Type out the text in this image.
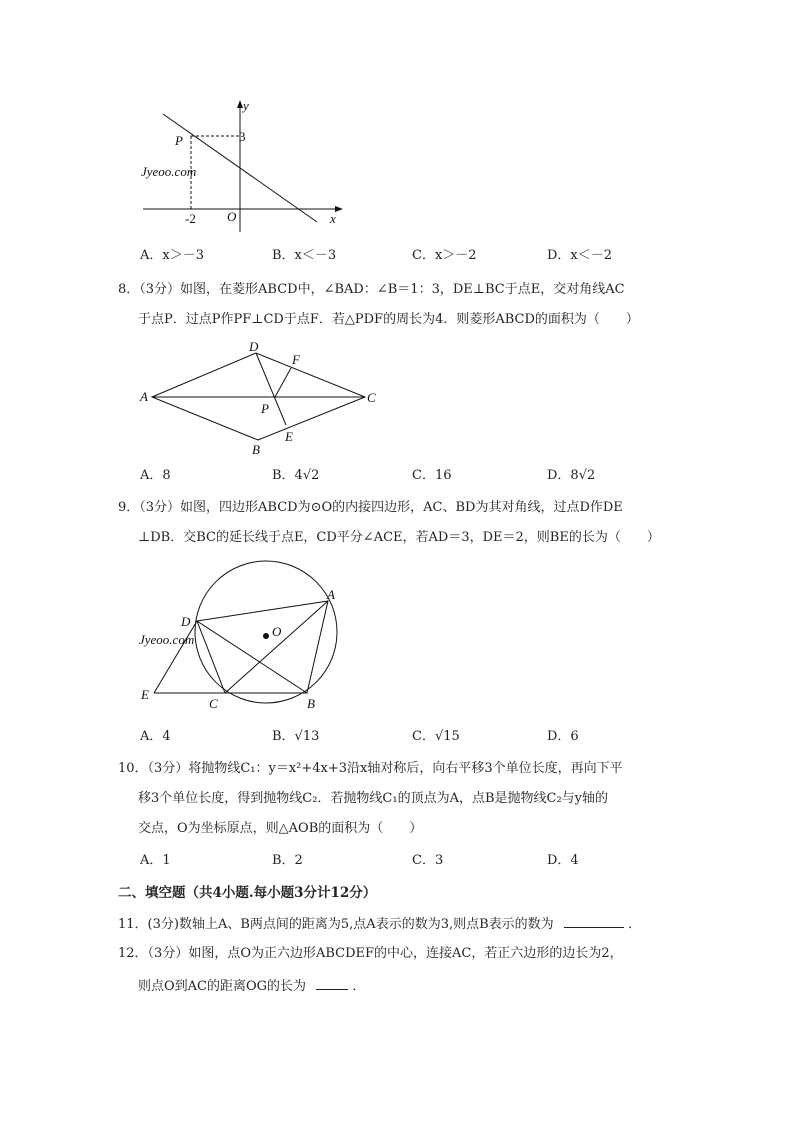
Jyeoo.com
y
x
P
O
3
-2
A．x＞－3	B．x＜－3	C．x＞－2	D．x＜－2
8．（3分）如图，在菱形ABCD中，∠BAD：∠B＝1：3，DE⊥BC于点E，交对角线AC
于点P．过点P作PF⊥CD于点F．若△PDF的周长为4．则菱形ABCD的面积为（　　）
A
D
F
C
P
E
B
A．8	B．4√2	C．16	D．8√2
9．（3分）如图，四边形ABCD为⊙O的内接四边形，AC、BD为其对角线，过点D作DE
⊥DB．交BC的延长线于点E，CD平分∠ACE，若AD＝3，DE＝2，则BE的长为（　　）
Jyeoo.com
O
A
D
E
C	B
A．4	B．√13	C．√15	D．6
10．（3分）将抛物线C₁：y＝x²+4x+3沿x轴对称后，向右平移3个单位长度，再向下平
移3个单位长度，得到抛物线C₂．若抛物线C₁的顶点为A，点B是抛物线C₂与y轴的
交点，O为坐标原点，则△AOB的面积为（　　）
A．1	B．2	C．3	D．4
二、填空题（共4小题.每小题3分计12分）
11．(3分)数轴上A、B两点间的距离为5,点A表示的数为3,则点B表示的数为	．
12．（3分）如图，点O为正六边形ABCDEF的中心，连接AC，若正六边形的边长为2，
则点O到AC的距离OG的长为	．
